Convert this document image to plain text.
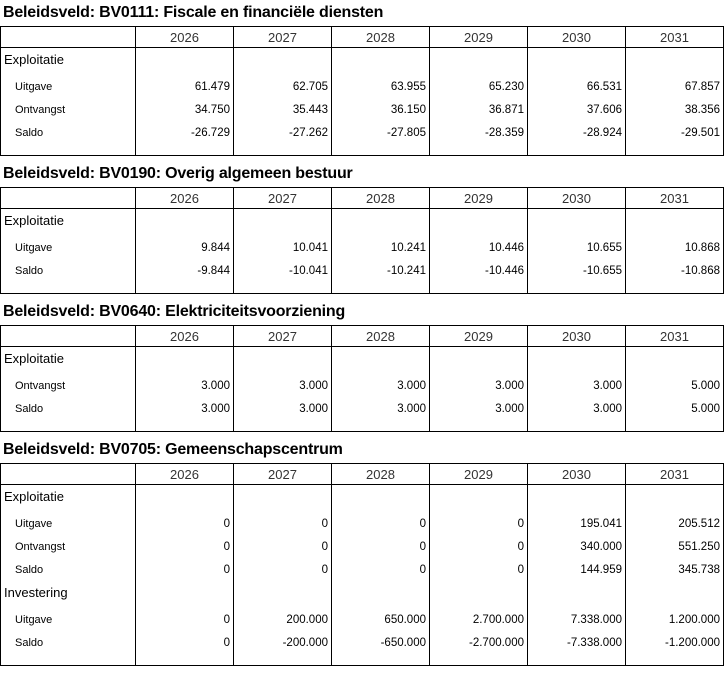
Beleidsveld: BV0111: Fiscale en financiële diensten
2026	2027	2028	2029	2030	2031
Exploitatie
Uitgave	61.479	62.705	63.955	65.230	66.531	67.857
Ontvangst	34.750	35.443	36.150	36.871	37.606	38.356
Saldo	-26.729	-27.262	-27.805	-28.359	-28.924	-29.501
Beleidsveld: BV0190: Overig algemeen bestuur
2026	2027	2028	2029	2030	2031
Exploitatie
Uitgave	9.844	10.041	10.241	10.446	10.655	10.868
Saldo	-9.844	-10.041	-10.241	-10.446	-10.655	-10.868
Beleidsveld: BV0640: Elektriciteitsvoorziening
2026	2027	2028	2029	2030	2031
Exploitatie
Ontvangst	3.000	3.000	3.000	3.000	3.000	5.000
Saldo	3.000	3.000	3.000	3.000	3.000	5.000
Beleidsveld: BV0705: Gemeenschapscentrum
2026	2027	2028	2029	2030	2031
Exploitatie
Uitgave	0	0	0	0	195.041	205.512
Ontvangst	0	0	0	0	340.000	551.250
Saldo	0	0	0	0	144.959	345.738
Investering
Uitgave	0	200.000	650.000	2.700.000	7.338.000	1.200.000
Saldo	0	-200.000	-650.000	-2.700.000	-7.338.000	-1.200.000
